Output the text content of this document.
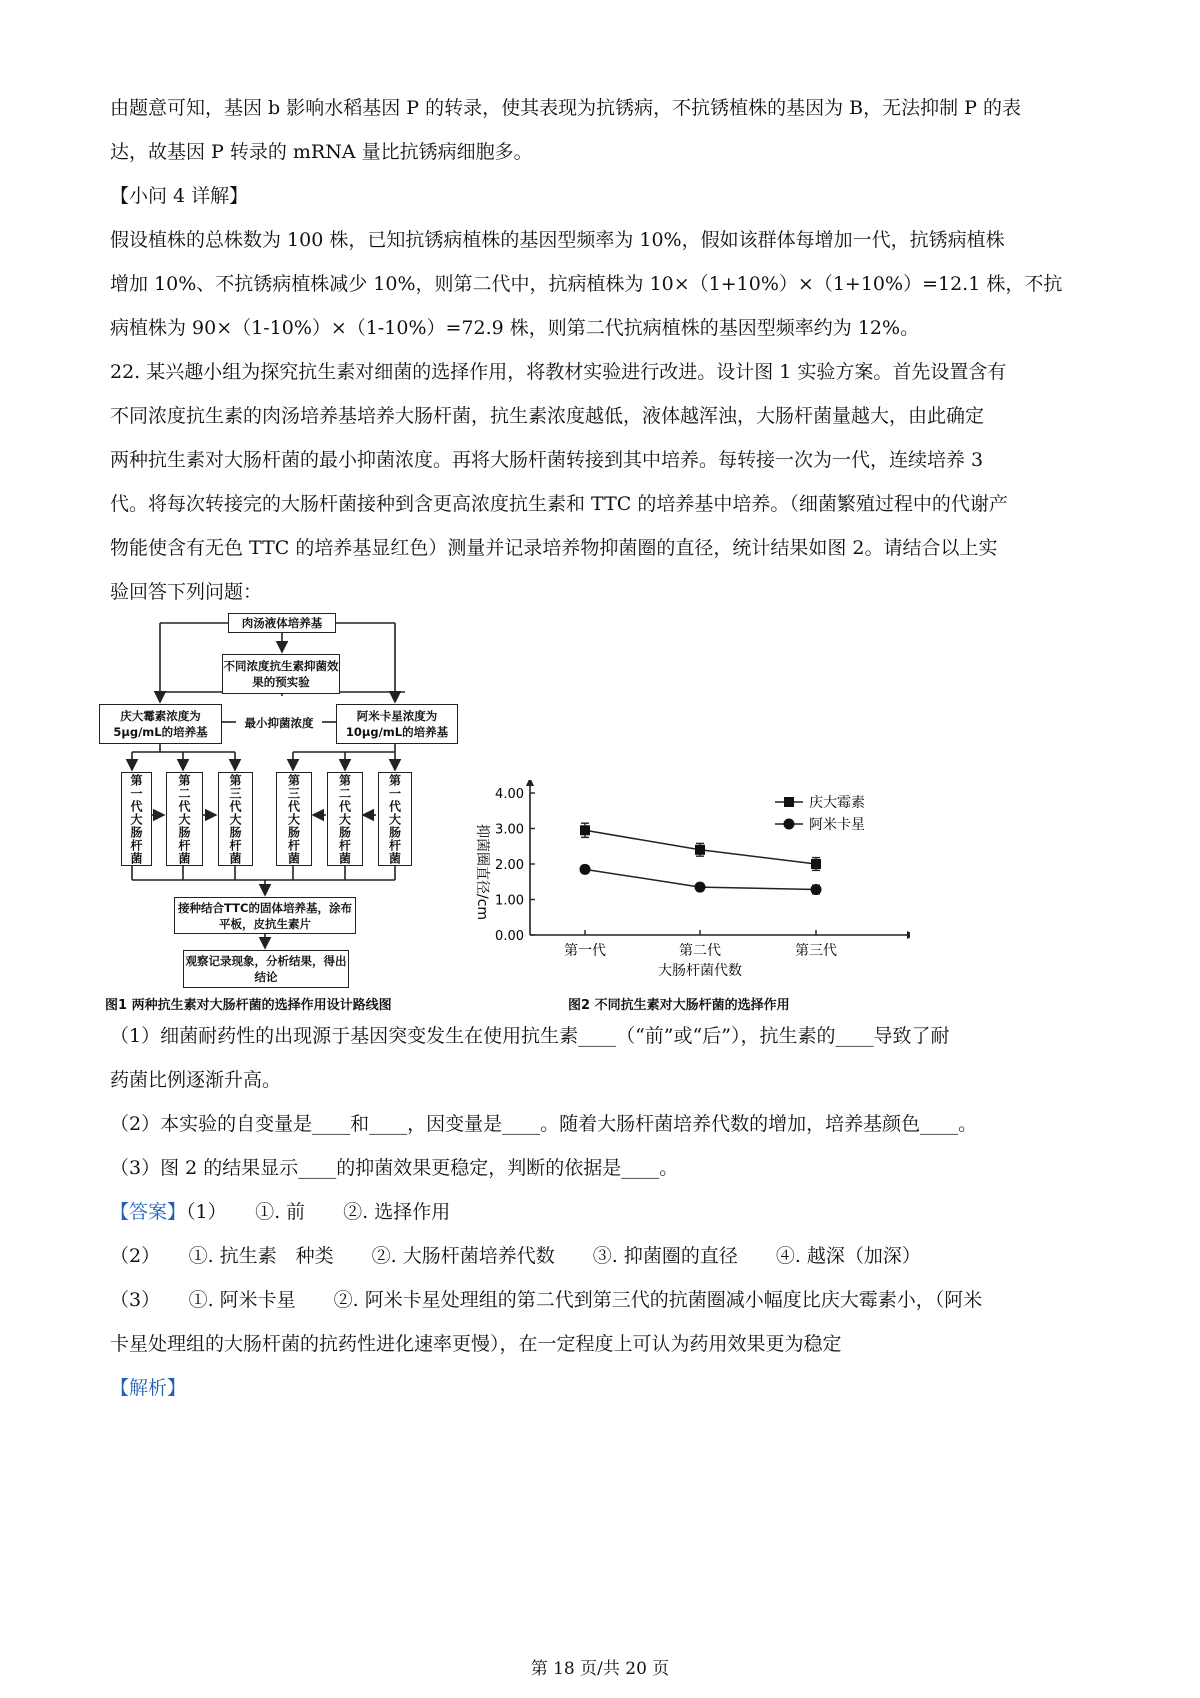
由题意可知，基因 b 影响水稻基因 P 的转录，使其表现为抗锈病，不抗锈植株的基因为 B，无法抑制 P 的表

达，故基因 P 转录的 mRNA 量比抗锈病细胞多。

【小问 4 详解】

假设植株的总株数为 100 株，已知抗锈病植株的基因型频率为 10%，假如该群体每增加一代，抗锈病植株

增加 10%、不抗锈病植株减少 10%，则第二代中，抗病植株为 10×（1+10%）×（1+10%）=12.1 株，不抗

病植株为 90×（1-10%）×（1-10%）=72.9 株，则第二代抗病植株的基因型频率约为 12%。

22. 某兴趣小组为探究抗生素对细菌的选择作用，将教材实验进行改进。设计图 1 实验方案。首先设置含有

不同浓度抗生素的肉汤培养基培养大肠杆菌，抗生素浓度越低，液体越浑浊，大肠杆菌量越大，由此确定

两种抗生素对大肠杆菌的最小抑菌浓度。再将大肠杆菌转接到其中培养。每转接一次为一代，连续培养 3

代。将每次转接完的大肠杆菌接种到含更高浓度抗生素和 TTC 的培养基中培养。（细菌繁殖过程中的代谢产

物能使含有无色 TTC 的培养基显红色）测量并记录培养物抑菌圈的直径，统计结果如图 2。请结合以上实

验回答下列问题：

肉汤液体培养基
不同浓度抗生素抑菌效果的预实验
庆大霉素浓度为5μg/mL的培养基
最小抑菌浓度	阿米卡星浓度为10μg/mL的培养基
第一代大肠杆菌	第二代大肠杆菌	第三代大肠杆菌	第三代大肠杆菌	第二代大肠杆菌	第一代大肠杆菌
接种结合TTC的固体培养基，涂布平板，皮抗生素片
观察记录现象，分析结果，得出结论
图1 两种抗生素对大肠杆菌的选择作用设计路线图
0.00
1.00
2.00
3.00
4.00
第一代	第二代	第三代
大肠杆菌代数
抑菌圈直径/cm
庆大霉素
阿米卡星
图2 不同抗生素对大肠杆菌的选择作用

（1）细菌耐药性的出现源于基因突变发生在使用抗生素____（“前”或“后”），抗生素的____导致了耐

药菌比例逐渐升高。

（2）本实验的自变量是____和____，因变量是____。随着大肠杆菌培养代数的增加，培养基颜色____。

（3）图 2 的结果显示____的抑菌效果更稳定，判断的依据是____。

【答案】（1）　　①. 前　　②. 选择作用

（2）　　①. 抗生素　种类　　②. 大肠杆菌培养代数　　③. 抑菌圈的直径　　④. 越深（加深）

（3）　　①. 阿米卡星　　②. 阿米卡星处理组的第二代到第三代的抗菌圈减小幅度比庆大霉素小，（阿米

卡星处理组的大肠杆菌的抗药性进化速率更慢），在一定程度上可认为药用效果更为稳定

【解析】

第 18 页/共 20 页
